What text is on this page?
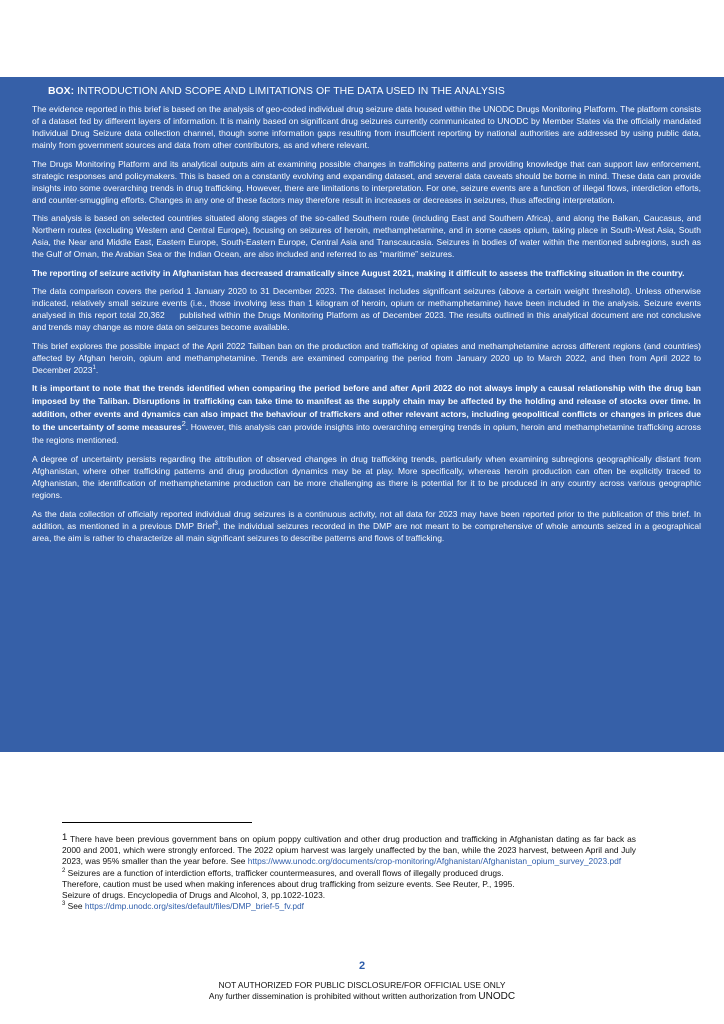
BOX: INTRODUCTION AND SCOPE AND LIMITATIONS OF THE DATA USED IN THE ANALYSIS

The evidence reported in this brief is based on the analysis of geo-coded individual drug seizure data housed within the UNODC Drugs Monitoring Platform. The platform consists of a dataset fed by different layers of information. It is mainly based on significant drug seizures currently communicated to UNODC by Member States via the officially mandated Individual Drug Seizure data collection channel, though some information gaps resulting from insufficient reporting by national authorities are addressed by using public data, mainly from government sources and data from other contributors, as and where relevant.

The Drugs Monitoring Platform and its analytical outputs aim at examining possible changes in trafficking patterns and providing knowledge that can support law enforcement, strategic responses and policymakers. This is based on a constantly evolving and expanding dataset, and several data caveats should be borne in mind. These data can provide insights into some overarching trends in drug trafficking. However, there are limitations to interpretation. For one, seizure events are a function of illegal flows, interdiction efforts, and counter-smuggling efforts. Changes in any one of these factors may therefore result in increases or decreases in seizures, thus affecting interpretation.

This analysis is based on selected countries situated along stages of the so-called Southern route (including East and Southern Africa), and along the Balkan, Caucasus, and Northern routes (excluding Western and Central Europe), focusing on seizures of heroin, methamphetamine, and in some cases opium, taking place in South-West Asia, South Asia, the Near and Middle East, Eastern Europe, South-Eastern Europe, Central Asia and Transcaucasia. Seizures in bodies of water within the mentioned subregions, such as the Gulf of Oman, the Arabian Sea or the Indian Ocean, are also included and referred to as “maritime” seizures.

The reporting of seizure activity in Afghanistan has decreased dramatically since August 2021, making it difficult to assess the trafficking situation in the country.

The data comparison covers the period 1 January 2020 to 31 December 2023. The dataset includes significant seizures (above a certain weight threshold). Unless otherwise indicated, relatively small seizure events (i.e., those involving less than 1 kilogram of heroin, opium or methamphetamine) have been included in the analysis. Seizure events analysed in this report total 20,362     published within the Drugs Monitoring Platform as of December 2023. The results outlined in this analytical document are not conclusive and trends may change as more data on seizures become available.

This brief explores the possible impact of the April 2022 Taliban ban on the production and trafficking of opiates and methamphetamine across different regions (and countries) affected by Afghan heroin, opium and methamphetamine. Trends are examined comparing the period from January 2020 up to March 2022, and then from April 2022 to December 2023$^1$.

It is important to note that the trends identified when comparing the period before and after April 2022 do not always imply a causal relationship with the drug ban imposed by the Taliban. Disruptions in trafficking can take time to manifest as the supply chain may be affected by the holding and release of stocks over time. In addition, other events and dynamics can also impact the behaviour of traffickers and other relevant actors, including geopolitical conflicts or changes in prices due to the uncertainty of some measures$^2$. However, this analysis can provide insights into overarching emerging trends in opium, heroin and methamphetamine trafficking across the regions mentioned.

A degree of uncertainty persists regarding the attribution of observed changes in drug trafficking trends, particularly when examining subregions geographically distant from Afghanistan, where other trafficking patterns and drug production dynamics may be at play. More specifically, whereas heroin production can often be explicitly traced to Afghanistan, the identification of methamphetamine production can be more challenging as there is potential for it to be produced in any country across various geographic regions.

As the data collection of officially reported individual drug seizures is a continuous activity, not all data for 2023 may have been reported prior to the publication of this brief. In addition, as mentioned in a previous DMP Brief$^3$, the individual seizures recorded in the DMP are not meant to be comprehensive of whole amounts seized in a geographical area, the aim is rather to characterize all main significant seizures to describe patterns and flows of trafficking.

1 There have been previous government bans on opium poppy cultivation and other drug production and trafficking in Afghanistan dating as far back as 2000 and 2001, which were strongly enforced. The 2022 opium harvest was largely unaffected by the ban, while the 2023 harvest, between April and July 2023, was 95% smaller than the year before. See https://www.unodc.org/documents/crop-monitoring/Afghanistan/Afghanistan_opium_survey_2023.pdf

$^2$ Seizures are a function of interdiction efforts, trafficker countermeasures, and overall flows of illegally produced drugs.
Therefore, caution must be used when making inferences about drug trafficking from seizure events. See Reuter, P., 1995.
Seizure of drugs. Encyclopedia of Drugs and Alcohol, 3, pp.1022-1023.

$^3$ See https://dmp.unodc.org/sites/default/files/DMP_brief-5_fv.pdf

2
NOT AUTHORIZED FOR PUBLIC DISCLOSURE/FOR OFFICIAL USE ONLY
Any further dissemination is prohibited without written authorization from UNODC
